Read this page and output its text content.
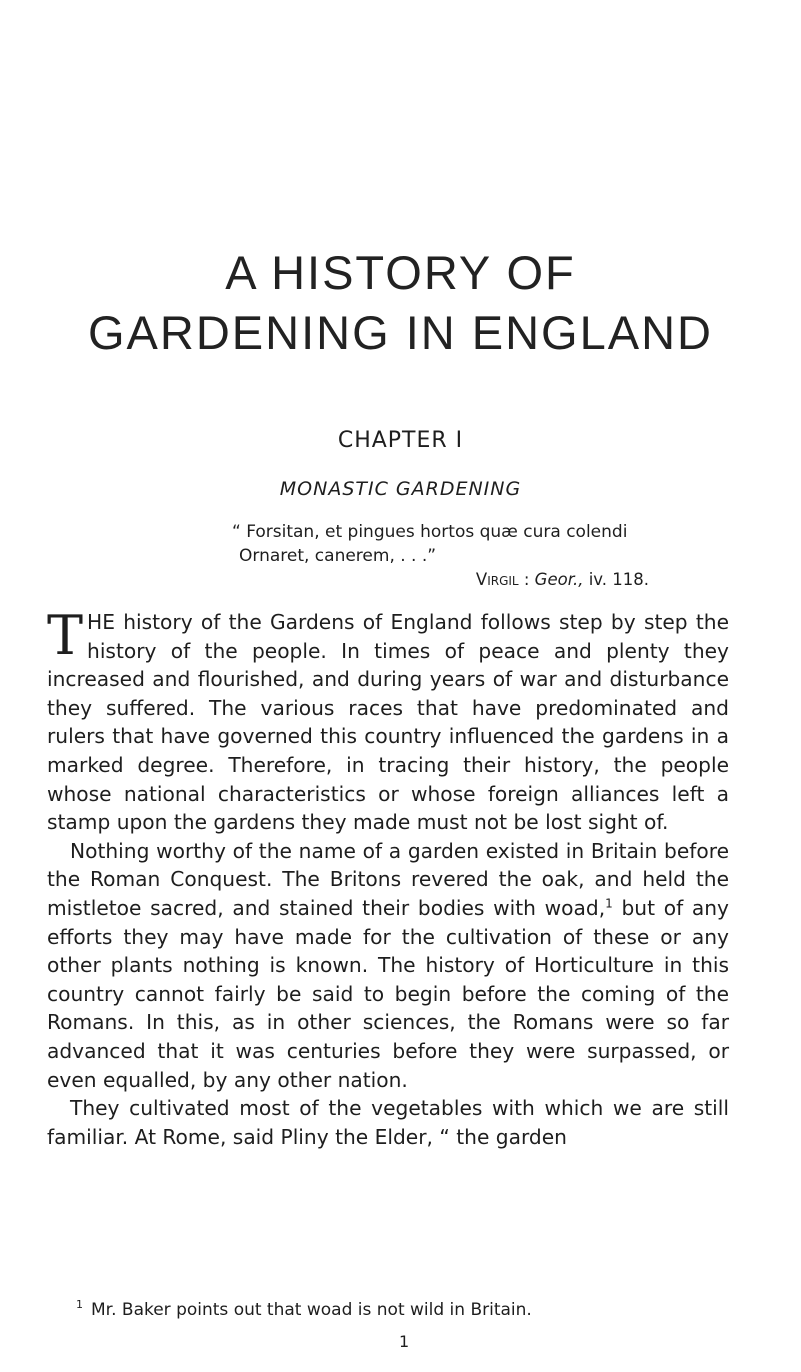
A HISTORY OF
GARDENING IN ENGLAND
CHAPTER I
MONASTIC GARDENING
“ Forsitan, et pingues hortos quæ cura colendi
Ornaret, canerem, . . .”
Virgil : Geor., iv. 118.

THE history of the Gardens of England follows step by step the history of the people. In times of peace and plenty they increased and flourished, and during years of war and disturbance they suffered. The various races that have predominated and rulers that have governed this country influenced the gardens in a marked degree. Therefore, in tracing their history, the people whose national characteristics or whose foreign alliances left a stamp upon the gardens they made must not be lost sight of.

Nothing worthy of the name of a garden existed in Britain before the Roman Conquest. The Britons revered the oak, and held the mistletoe sacred, and stained their bodies with woad,$^1$ but of any efforts they may have made for the cultivation of these or any other plants nothing is known. The history of Horticulture in this country cannot fairly be said to begin before the coming of the Romans. In this, as in other sciences, the Romans were so far advanced that it was centuries before they were surpassed, or even equalled, by any other nation.

They cultivated most of the vegetables with which we are still familiar. At Rome, said Pliny the Elder, “ the garden

$^1$ Mr. Baker points out that woad is not wild in Britain.
1
